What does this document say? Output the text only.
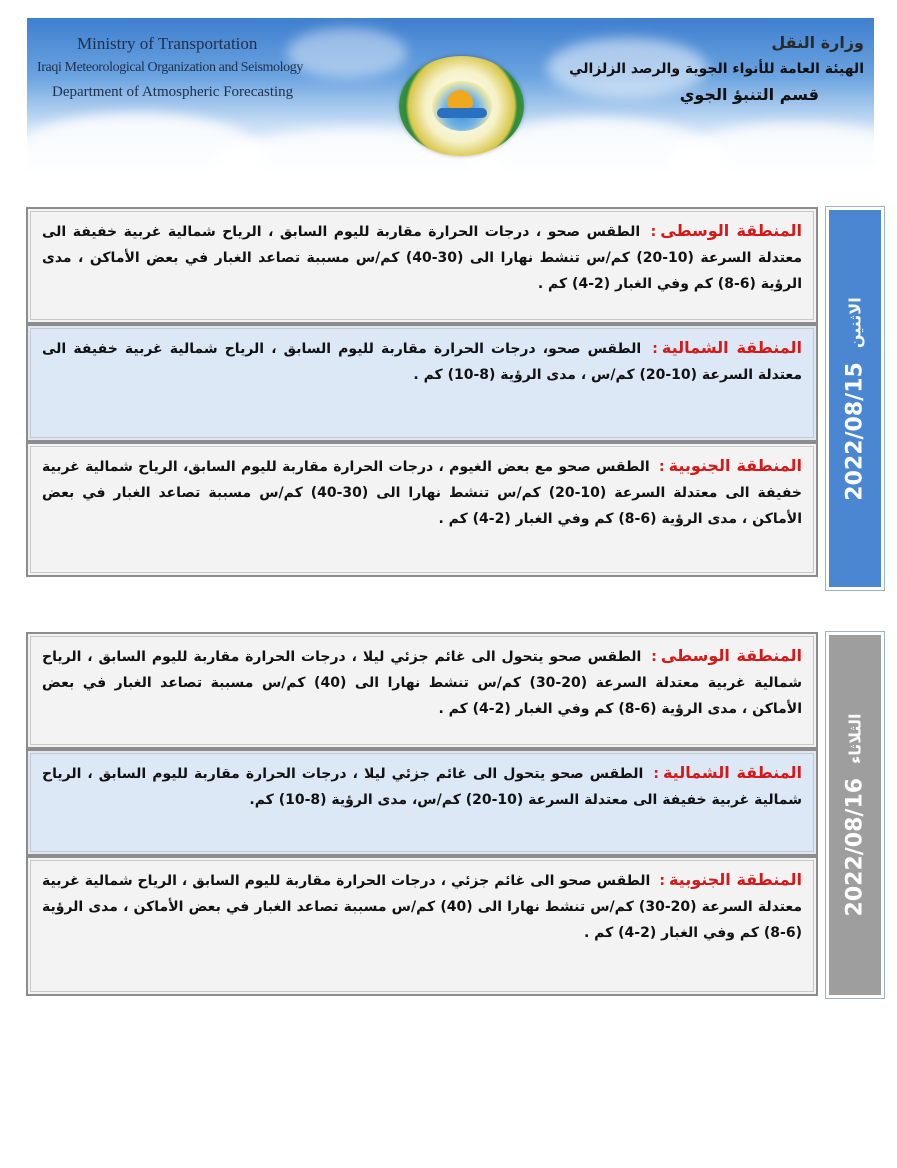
Ministry of Transportation
Iraqi Meteorological Organization and Seismology
Department of Atmospheric Forecasting
وزارة النقل
الهيئة العامة للأنواء الجوية والرصد الزلزالي
قسم التنبؤ الجوي
المنطقة الوسطى: الطقس صحو ، درجات الحرارة مقاربة لليوم السابق ، الرياح شمالية غربية خفيفة الى معتدلة السرعة (10-20) كم/س تنشط نهارا الى (30-40) كم/س مسببة تصاعد الغبار في بعض الأماكن ، مدى الرؤية (6-8) كم وفي الغبار (2-4) كم .
المنطقة الشمالية: الطقس صحو، درجات الحرارة مقاربة لليوم السابق ، الرياح شمالية غربية خفيفة الى معتدلة السرعة (10-20) كم/س ، مدى الرؤية (8-10) كم .
المنطقة الجنوبية: الطقس صحو مع بعض الغيوم ، درجات الحرارة مقاربة لليوم السابق، الرياح شمالية غربية خفيفة الى معتدلة السرعة (10-20) كم/س تنشط نهارا الى (30-40) كم/س مسببة تصاعد الغبار في بعض الأماكن ، مدى الرؤية (6-8) كم وفي الغبار (2-4) كم .
2022/08/15
الاثنين
المنطقة الوسطى: الطقس صحو يتحول الى غائم جزئي ليلا ، درجات الحرارة مقاربة لليوم السابق ، الرياح شمالية غربية معتدلة السرعة (20-30) كم/س تنشط نهارا الى (40) كم/س مسببة تصاعد الغبار في بعض الأماكن ، مدى الرؤية (6-8) كم وفي الغبار (2-4) كم .
المنطقة الشمالية: الطقس صحو يتحول الى غائم جزئي ليلا ، درجات الحرارة مقاربة لليوم السابق ، الرياح شمالية غربية خفيفة الى معتدلة السرعة (10-20) كم/س، مدى الرؤية (8-10) كم.
المنطقة الجنوبية: الطقس صحو الى غائم جزئي ، درجات الحرارة مقاربة لليوم السابق ، الرياح شمالية غربية معتدلة السرعة (20-30) كم/س تنشط نهارا الى (40) كم/س مسببة تصاعد الغبار في بعض الأماكن ، مدى الرؤية (6-8) كم وفي الغبار (2-4) كم .
2022/08/16
الثلاثاء
